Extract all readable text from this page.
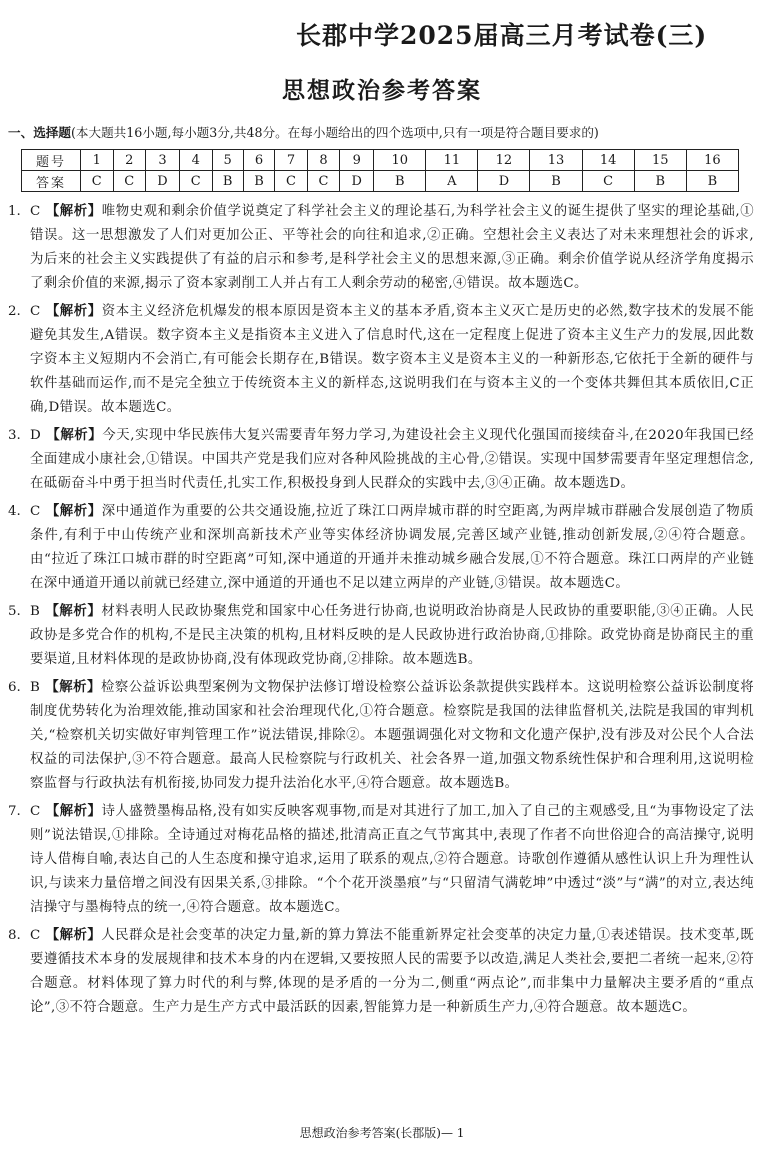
长郡中学2025届高三月考试卷(三)
思想政治参考答案
一、选择题(本大题共16小题,每小题3分,共48分。在每小题给出的四个选项中,只有一项是符合题目要求的)
题号	1	2	3	4	5	6	7	8	9	10	11	12	13	14	15	16
答案	C	C	D	C	B	B	C	C	D	B	A	D	B	C	B	B
1. C 【解析】唯物史观和剩余价值学说奠定了科学社会主义的理论基石,为科学社会主义的诞生提供了坚实的理论基础,①错误。这一思想激发了人们对更加公正、平等社会的向往和追求,②正确。空想社会主义表达了对未来理想社会的诉求,为后来的社会主义实践提供了有益的启示和参考,是科学社会主义的思想来源,③正确。剩余价值学说从经济学角度揭示了剩余价值的来源,揭示了资本家剥削工人并占有工人剩余劳动的秘密,④错误。故本题选C。
2. C 【解析】资本主义经济危机爆发的根本原因是资本主义的基本矛盾,资本主义灭亡是历史的必然,数字技术的发展不能避免其发生,A错误。数字资本主义是指资本主义进入了信息时代,这在一定程度上促进了资本主义生产力的发展,因此数字资本主义短期内不会消亡,有可能会长期存在,B错误。数字资本主义是资本主义的一种新形态,它依托于全新的硬件与软件基础而运作,而不是完全独立于传统资本主义的新样态,这说明我们在与资本主义的一个变体共舞但其本质依旧,C正确,D错误。故本题选C。
3. D 【解析】今天,实现中华民族伟大复兴需要青年努力学习,为建设社会主义现代化强国而接续奋斗,在2020年我国已经全面建成小康社会,①错误。中国共产党是我们应对各种风险挑战的主心骨,②错误。实现中国梦需要青年坚定理想信念,在砥砺奋斗中勇于担当时代责任,扎实工作,积极投身到人民群众的实践中去,③④正确。故本题选D。
4. C 【解析】深中通道作为重要的公共交通设施,拉近了珠江口两岸城市群的时空距离,为两岸城市群融合发展创造了物质条件,有利于中山传统产业和深圳高新技术产业等实体经济协调发展,完善区域产业链,推动创新发展,②④符合题意。由“拉近了珠江口城市群的时空距离”可知,深中通道的开通并未推动城乡融合发展,①不符合题意。珠江口两岸的产业链在深中通道开通以前就已经建立,深中通道的开通也不足以建立两岸的产业链,③错误。故本题选C。
5. B 【解析】材料表明人民政协聚焦党和国家中心任务进行协商,也说明政治协商是人民政协的重要职能,③④正确。人民政协是多党合作的机构,不是民主决策的机构,且材料反映的是人民政协进行政治协商,①排除。政党协商是协商民主的重要渠道,且材料体现的是政协协商,没有体现政党协商,②排除。故本题选B。
6. B 【解析】检察公益诉讼典型案例为文物保护法修订增设检察公益诉讼条款提供实践样本。这说明检察公益诉讼制度将制度优势转化为治理效能,推动国家和社会治理现代化,①符合题意。检察院是我国的法律监督机关,法院是我国的审判机关,“检察机关切实做好审判管理工作”说法错误,排除②。本题强调强化对文物和文化遗产保护,没有涉及对公民个人合法权益的司法保护,③不符合题意。最高人民检察院与行政机关、社会各界一道,加强文物系统性保护和合理利用,这说明检察监督与行政执法有机衔接,协同发力提升法治化水平,④符合题意。故本题选B。
7. C 【解析】诗人盛赞墨梅品格,没有如实反映客观事物,而是对其进行了加工,加入了自己的主观感受,且“为事物设定了法则”说法错误,①排除。全诗通过对梅花品格的描述,批清高正直之气节寓其中,表现了作者不向世俗迎合的高洁操守,说明诗人借梅自喻,表达自己的人生态度和操守追求,运用了联系的观点,②符合题意。诗歌创作遵循从感性认识上升为理性认识,与读来力量倍增之间没有因果关系,③排除。“个个花开淡墨痕”与“只留清气满乾坤”中透过“淡”与“满”的对立,表达纯洁操守与墨梅特点的统一,④符合题意。故本题选C。
8. C 【解析】人民群众是社会变革的决定力量,新的算力算法不能重新界定社会变革的决定力量,①表述错误。技术变革,既要遵循技术本身的发展规律和技术本身的内在逻辑,又要按照人民的需要予以改造,满足人类社会,要把二者统一起来,②符合题意。材料体现了算力时代的利与弊,体现的是矛盾的一分为二,侧重“两点论”,而非集中力量解决主要矛盾的“重点论”,③不符合题意。生产力是生产方式中最活跃的因素,智能算力是一种新质生产力,④符合题意。故本题选C。
思想政治参考答案(长郡版)— 1
